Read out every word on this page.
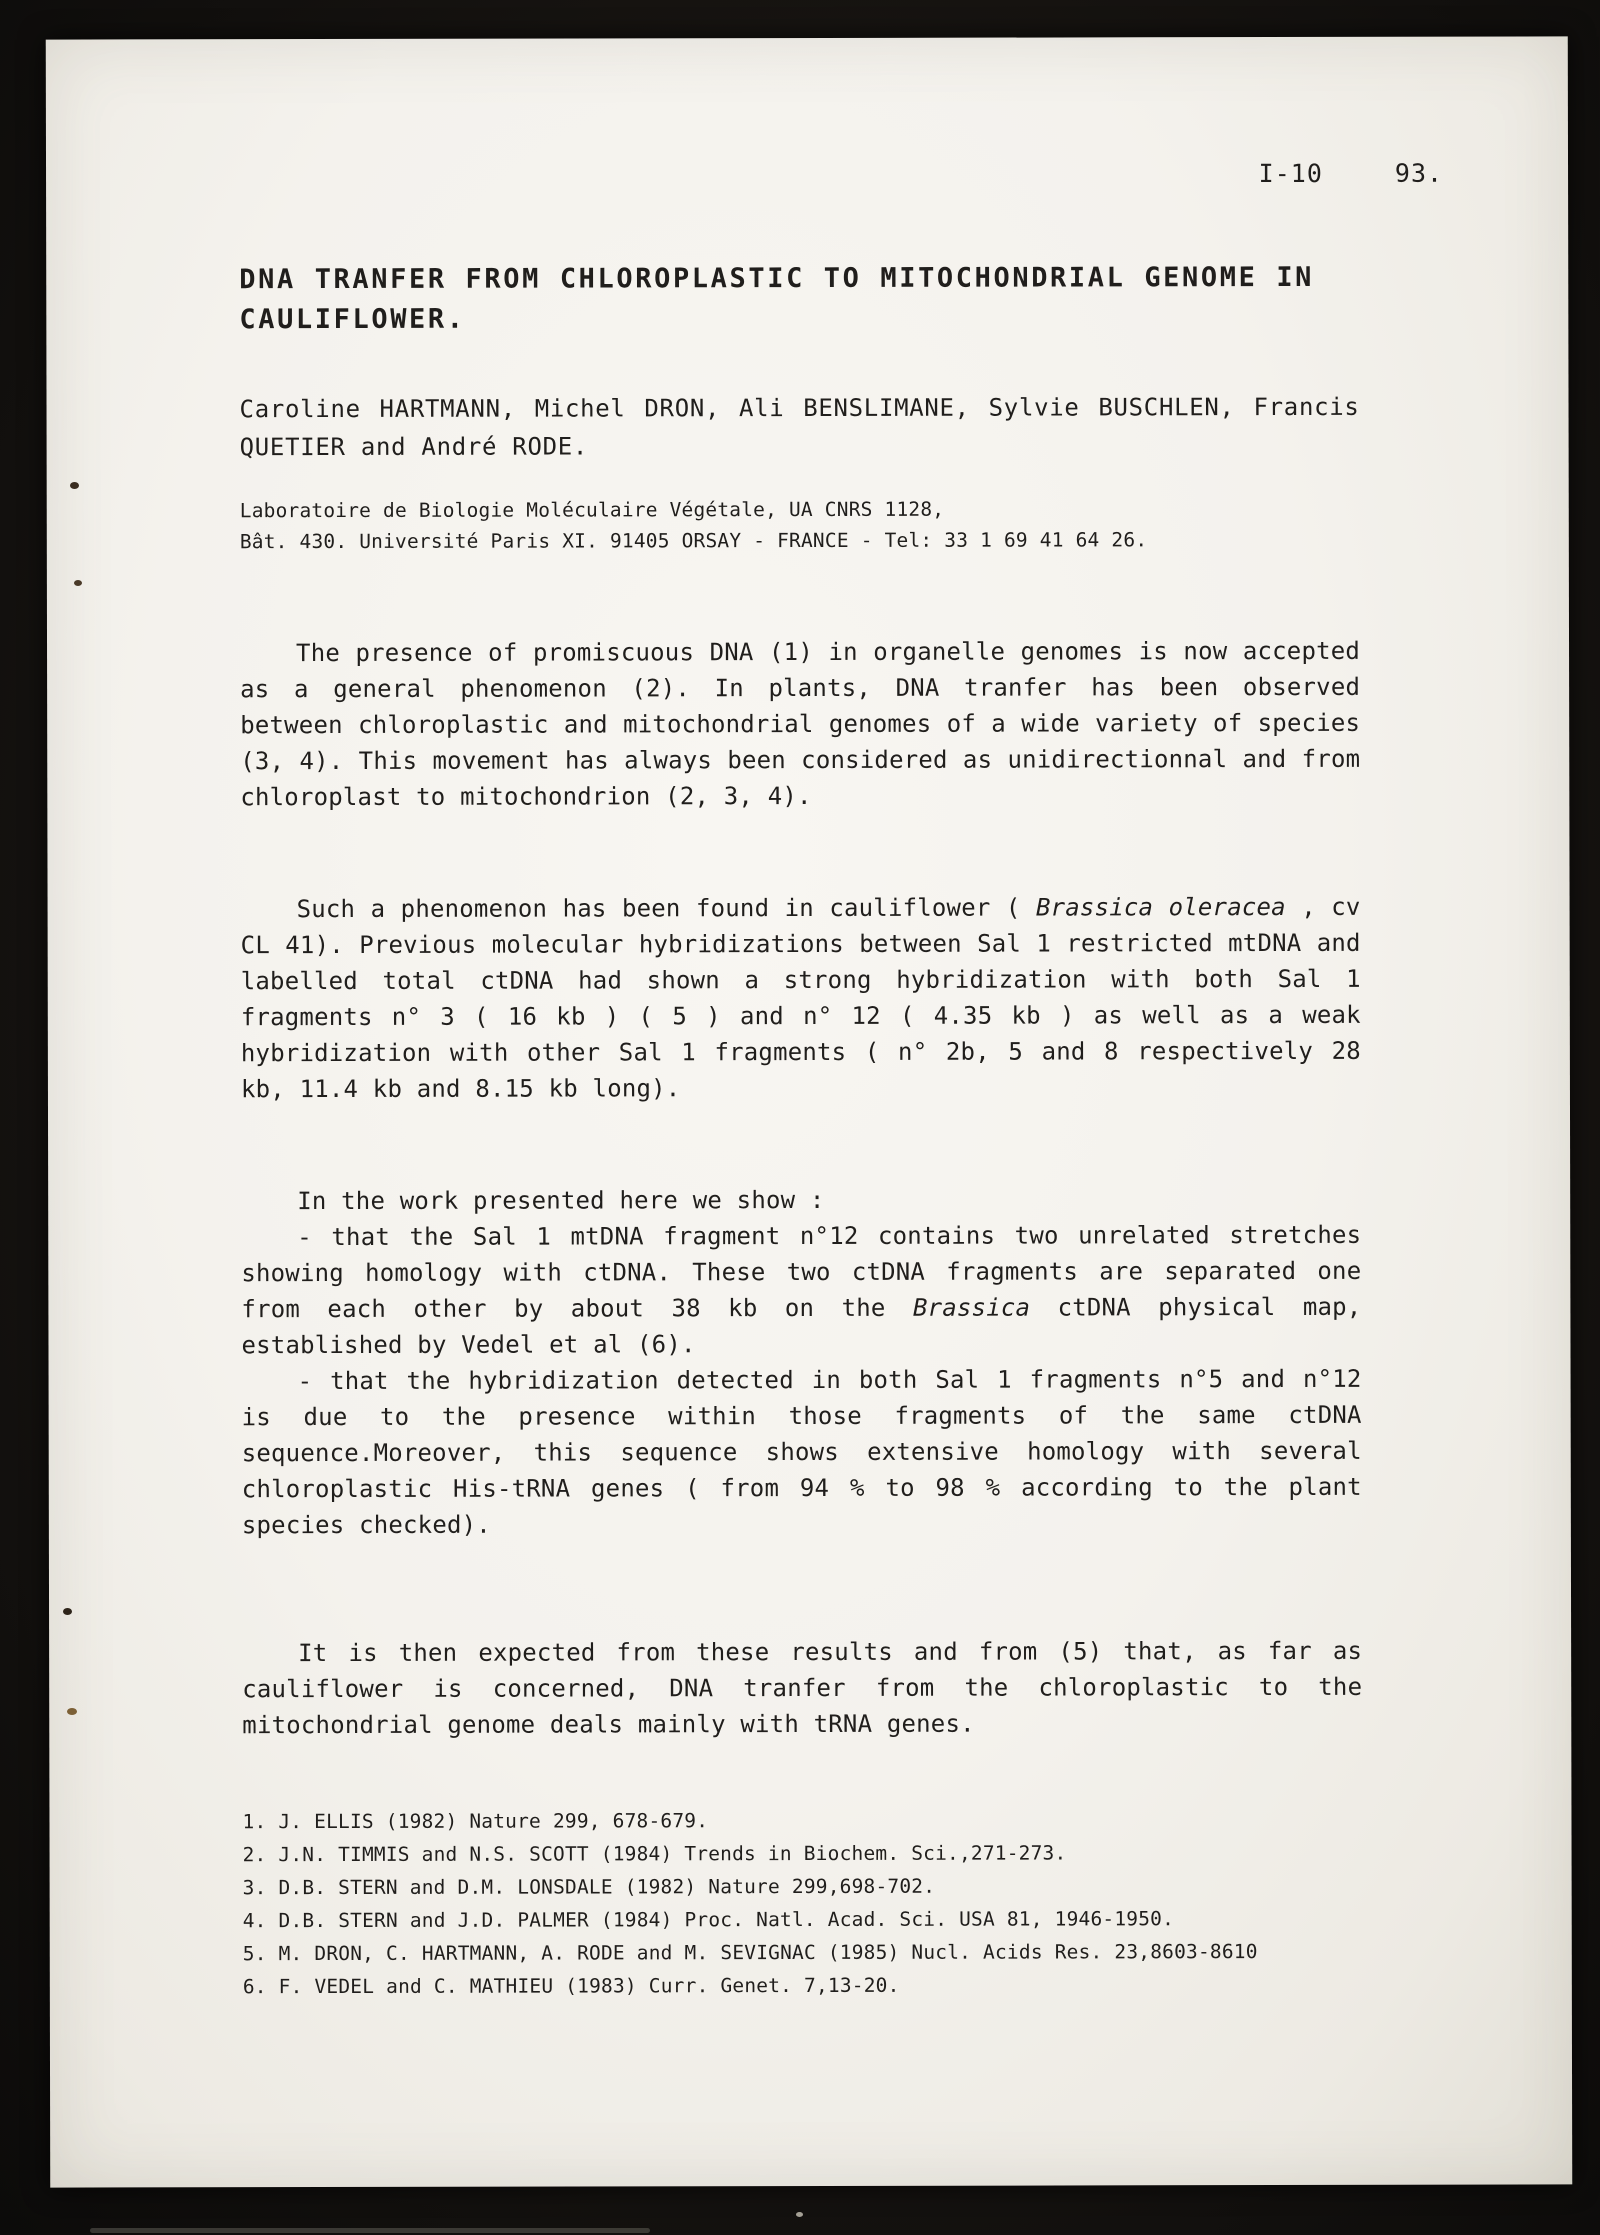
I-10	93.
DNA TRANFER FROM CHLOROPLASTIC TO MITOCHONDRIAL GENOME IN
CAULIFLOWER.

Caroline HARTMANN, Michel DRON, Ali BENSLIMANE, Sylvie BUSCHLEN, Francis QUETIER and André RODE.

Laboratoire de Biologie Moléculaire Végétale, UA CNRS 1128,
Bât. 430. Université Paris XI. 91405 ORSAY - FRANCE - Tel: 33 1 69 41 64 26.

The presence of promiscuous DNA (1) in organelle genomes is now accepted as a general phenomenon (2). In plants, DNA tranfer has been observed between chloroplastic and mitochondrial genomes of a wide variety of species (3, 4). This movement has always been considered as unidirectionnal and from chloroplast to mitochondrion (2, 3, 4).

Such a phenomenon has been found in cauliflower ( Brassica oleracea , cv CL 41). Previous molecular hybridizations between Sal 1 restricted mtDNA and labelled total ctDNA had shown a strong hybridization with both Sal 1 fragments n° 3 ( 16 kb ) ( 5 ) and n° 12 ( 4.35 kb ) as well as a weak hybridization with other Sal 1 fragments ( n° 2b, 5 and 8 respectively 28 kb, 11.4 kb and 8.15 kb long).

In the work presented here we show :

- that the Sal 1 mtDNA fragment n°12 contains two unrelated stretches showing homology with ctDNA. These two ctDNA fragments are separated one from each other by about 38 kb on the Brassica ctDNA physical map, established by Vedel et al (6).

- that the hybridization detected in both Sal 1 fragments n°5 and n°12 is due to the presence within those fragments of the same ctDNA sequence.Moreover, this sequence shows extensive homology with several chloroplastic His-tRNA genes ( from 94 % to 98 % according to the plant species checked).

It is then expected from these results and from (5) that, as far as cauliflower is concerned, DNA tranfer from the chloroplastic to the mitochondrial genome deals mainly with tRNA genes.

1. J. ELLIS (1982) Nature 299, 678-679.
2. J.N. TIMMIS and N.S. SCOTT (1984) Trends in Biochem. Sci.,271-273.
3. D.B. STERN and D.M. LONSDALE (1982) Nature 299,698-702.
4. D.B. STERN and J.D. PALMER (1984) Proc. Natl. Acad. Sci. USA 81, 1946-1950.
5. M. DRON, C. HARTMANN, A. RODE and M. SEVIGNAC (1985) Nucl. Acids Res. 23,8603-8610
6. F. VEDEL and C. MATHIEU (1983) Curr. Genet. 7,13-20.
